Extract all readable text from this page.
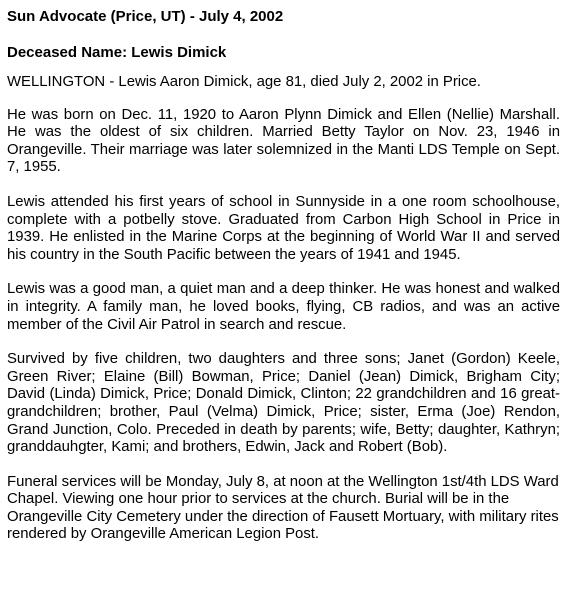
Sun Advocate (Price, UT) - July 4, 2002
Deceased Name: Lewis Dimick

WELLINGTON - Lewis Aaron Dimick, age 81, died July 2, 2002 in Price.

He was born on Dec. 11, 1920 to Aaron Plynn Dimick and Ellen (Nellie) Marshall. He was the oldest of six children. Married Betty Taylor on Nov. 23, 1946 in Orangeville. Their marriage was later solemnized in the Manti LDS Temple on Sept. 7, 1955.

Lewis attended his first years of school in Sunnyside in a one room schoolhouse, complete with a potbelly stove. Graduated from Carbon High School in Price in 1939. He enlisted in the Marine Corps at the beginning of World War II and served his country in the South Pacific between the years of 1941 and 1945.

Lewis was a good man, a quiet man and a deep thinker. He was honest and walked in integrity. A family man, he loved books, flying, CB radios, and was an active member of the Civil Air Patrol in search and rescue.

Survived by five children, two daughters and three sons; Janet (Gordon) Keele, Green River; Elaine (Bill) Bowman, Price; Daniel (Jean) Dimick, Brigham City; David (Linda) Dimick, Price; Donald Dimick, Clinton; 22 grandchildren and 16 great-grandchildren; brother, Paul (Velma) Dimick, Price; sister, Erma (Joe) Rendon, Grand Junction, Colo. Preceded in death by parents; wife, Betty; daughter, Kathryn; granddauhgter, Kami; and brothers, Edwin, Jack and Robert (Bob).

Funeral services will be Monday, July 8, at noon at the Wellington 1st/4th LDS Ward Chapel. Viewing one hour prior to services at the church. Burial will be in the Orangeville City Cemetery under the direction of Fausett Mortuary, with military rites rendered by Orangeville American Legion Post.
